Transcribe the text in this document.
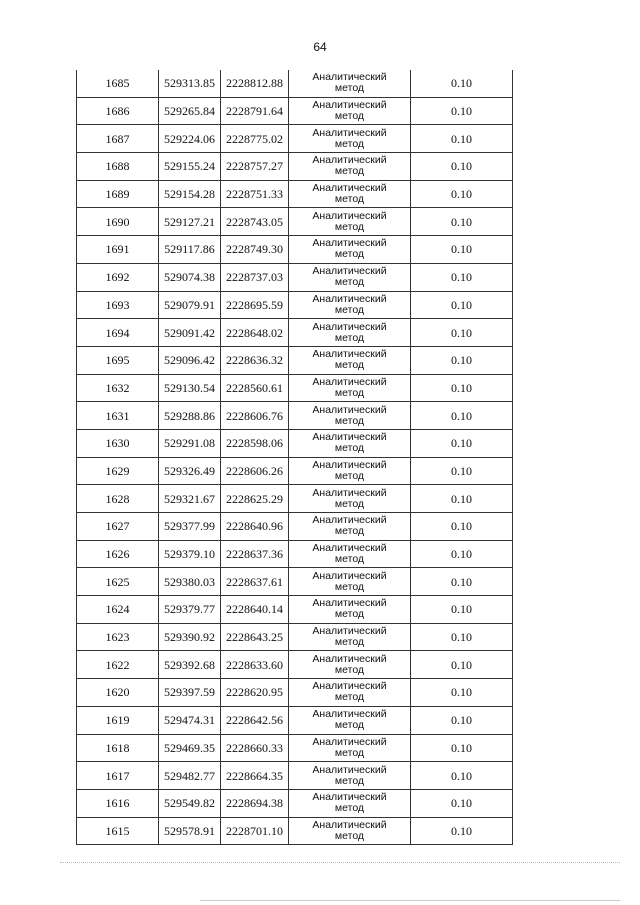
64
1685	529313.85	2228812.88	Аналитический
метод	0.10
1686	529265.84	2228791.64	Аналитический
метод	0.10
1687	529224.06	2228775.02	Аналитический
метод	0.10
1688	529155.24	2228757.27	Аналитический
метод	0.10
1689	529154.28	2228751.33	Аналитический
метод	0.10
1690	529127.21	2228743.05	Аналитический
метод	0.10
1691	529117.86	2228749.30	Аналитический
метод	0.10
1692	529074.38	2228737.03	Аналитический
метод	0.10
1693	529079.91	2228695.59	Аналитический
метод	0.10
1694	529091.42	2228648.02	Аналитический
метод	0.10
1695	529096.42	2228636.32	Аналитический
метод	0.10
1632	529130.54	2228560.61	Аналитический
метод	0.10
1631	529288.86	2228606.76	Аналитический
метод	0.10
1630	529291.08	2228598.06	Аналитический
метод	0.10
1629	529326.49	2228606.26	Аналитический
метод	0.10
1628	529321.67	2228625.29	Аналитический
метод	0.10
1627	529377.99	2228640.96	Аналитический
метод	0.10
1626	529379.10	2228637.36	Аналитический
метод	0.10
1625	529380.03	2228637.61	Аналитический
метод	0.10
1624	529379.77	2228640.14	Аналитический
метод	0.10
1623	529390.92	2228643.25	Аналитический
метод	0.10
1622	529392.68	2228633.60	Аналитический
метод	0.10
1620	529397.59	2228620.95	Аналитический
метод	0.10
1619	529474.31	2228642.56	Аналитический
метод	0.10
1618	529469.35	2228660.33	Аналитический
метод	0.10
1617	529482.77	2228664.35	Аналитический
метод	0.10
1616	529549.82	2228694.38	Аналитический
метод	0.10
1615	529578.91	2228701.10	Аналитический
метод	0.10
